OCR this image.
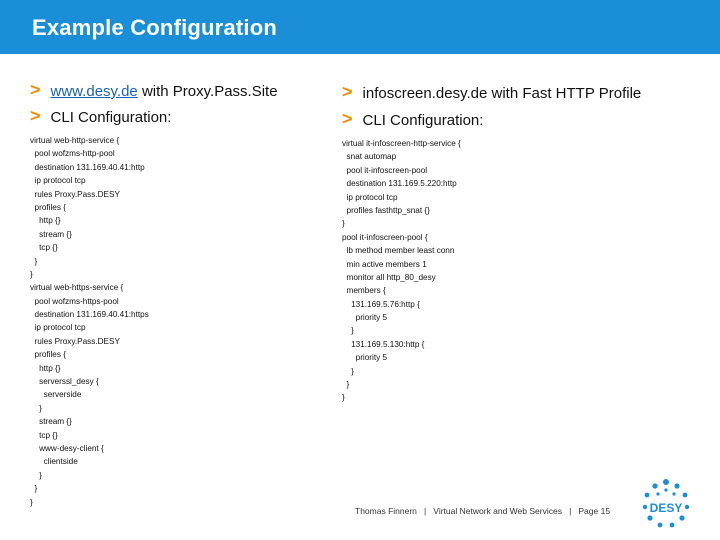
Example Configuration
> www.desy.de with Proxy.Pass.Site
> CLI Configuration:
> infoscreen.desy.de with Fast HTTP Profile
> CLI Configuration:
virtual web-http-service {
pool wofzms-http-pool
destination 131.169.40.41:http
ip protocol tcp
rules Proxy.Pass.DESY
profiles {
http {}
stream {}
tcp {}
}
}
virtual web-https-service {
pool wofzms-https-pool
destination 131.169.40.41:https
ip protocol tcp
rules Proxy.Pass.DESY
profiles {
http {}
serverssl_desy {
serverside
}
stream {}
tcp {}
www-desy-client {
clientside
}
}
}
virtual it-infoscreen-http-service {
snat automap
pool it-infoscreen-pool
destination 131.169.5.220:http
ip protocol tcp
profiles fasthttp_snat {}
}
pool it-infoscreen-pool {
lb method member least conn
min active members 1
monitor all http_80_desy
members {
131.169.5.76:http {
priority 5
}
131.169.5.130:http {
priority 5
}
}
}
Thomas Finnern   |   Virtual Network and Web Services   |   Page 15	DESY
